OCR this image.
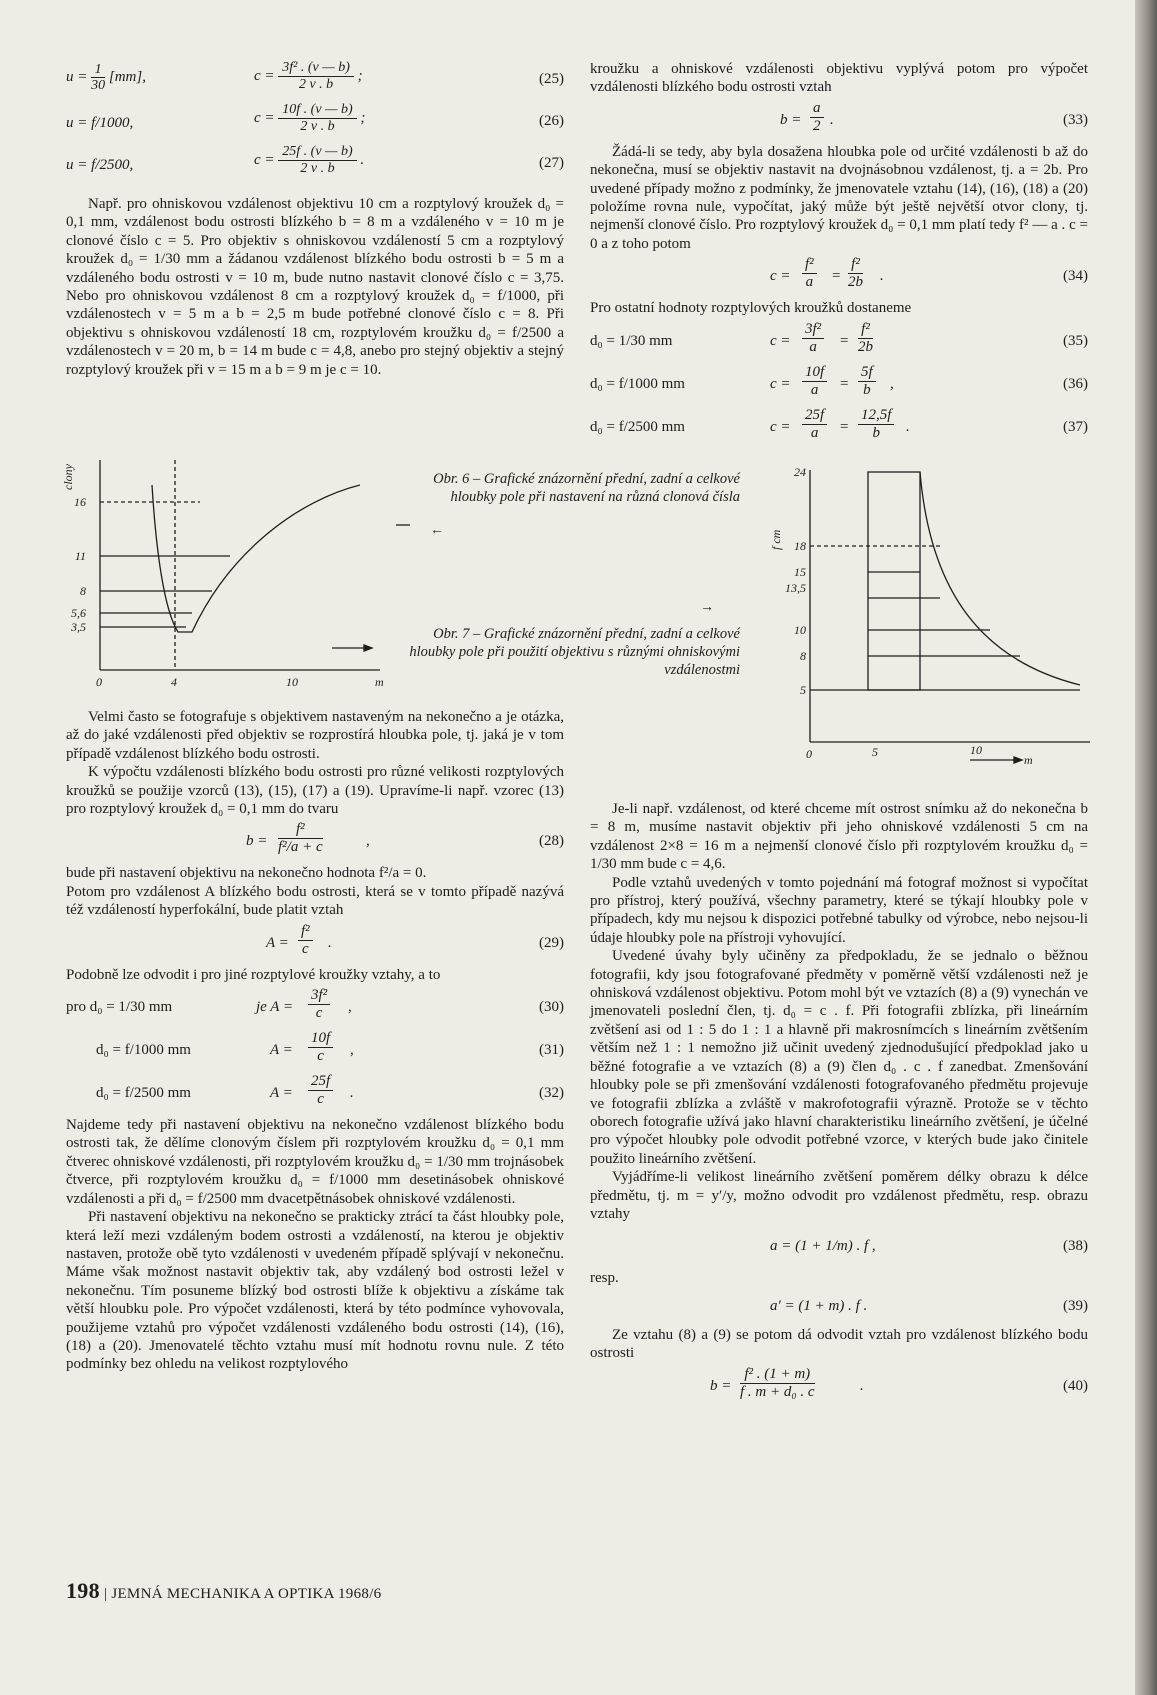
$u = \frac{1}{30} [mm]$,	$c = \frac{\text{3f² . (v — b)}}{2 v . b}$ ;	(25)
u = f/1000,	$c = \frac{10f . (v — b)}{2 v . b}$ ;	(26)
u = f/2500,	$c = \frac{25f . (v — b)}{2 v . b}$ .	(27)

Např. pro ohniskovou vzdálenost objektivu 10 cm a rozptylový kroužek d₀ = 0,1 mm, vzdálenost bodu ostrosti blízkého b = 8 m a vzdáleného v = 10 m je clonové číslo c = 5. Pro objektiv s ohniskovou vzdáleností 5 cm a rozptylový kroužek d₀ = 1/30 mm a žádanou vzdálenost blízkého bodu ostrosti b = 5 m a vzdáleného bodu ostrosti v = 10 m, bude nutno nastavit clonové číslo c = 3,75. Nebo pro ohniskovou vzdálenost 8 cm a rozptylový kroužek d₀ = f/1000, při vzdálenostech v = 5 m a b = 2,5 m bude potřebné clonové číslo c = 8. Při objektivu s ohniskovou vzdáleností 18 cm, rozptylovém kroužku d₀ = f/2500 a vzdálenostech v = 20 m, b = 14 m bude c = 4,8, anebo pro stejný objektiv a stejný rozptylový kroužek při v = 15 m a b = 9 m je c = 10.

16
11
8
5,6
3,5
0	4	10	m
clony	Obr. 6 – Grafické znázornění přední, zadní a celkové hloubky pole při nastavení na různá clonová čísla
←
Obr. 7 – Grafické znázornění přední, zadní a celkové hloubky pole při použití objektivu s různými ohniskovými vzdálenostmi
→
24
18
15
13,5
10
8
5
0	5	10
m
f cm

Velmi často se fotografuje s objektivem nastaveným na nekonečno a je otázka, až do jaké vzdálenosti před objektiv se rozprostírá hloubka pole, tj. jaká je v tom případě vzdálenost blízkého bodu ostrosti.

K výpočtu vzdálenosti blízkého bodu ostrosti pro různé velikosti rozptylových kroužků se použije vzorců (13), (15), (17) a (19). Upravíme-li např. vzorec (13) pro rozptylový kroužek d₀ = 0,1 mm do tvaru

$b = \frac{\text{f²}}{\text{f²/a + c}}$	,	(28)

bude při nastavení objektivu na nekonečno hodnota f²/a = 0.

Potom pro vzdálenost A blízkého bodu ostrosti, která se v tomto případě nazývá též vzdáleností hyperfokální, bude platit vztah

$A = \frac{\text{f²}}{c}$ .	(29)

Podobně lze odvodit i pro jiné rozptylové kroužky vztahy, a to

pro d₀ = 1/30 mm	je $A = \frac{\text{3f²}}{c}$ ,	(30)
d₀ = f/1000 mm	$A = \frac{10f}{c}$ ,	(31)
d₀ = f/2500 mm	$A = \frac{25f}{c}$ .	(32)

Najdeme tedy při nastavení objektivu na nekonečno vzdálenost blízkého bodu ostrosti tak, že dělíme clonovým číslem při rozptylovém kroužku d₀ = 0,1 mm čtverec ohniskové vzdálenosti, při rozptylovém kroužku d₀ = 1/30 mm trojnásobek čtverce, při rozptylovém kroužku d₀ = f/1000 mm desetinásobek ohniskové vzdálenosti a při d₀ = f/2500 mm dvacetpětnásobek ohniskové vzdálenosti.

Při nastavení objektivu na nekonečno se prakticky ztrácí ta část hloubky pole, která leží mezi vzdáleným bodem ostrosti a vzdáleností, na kterou je objektiv nastaven, protože obě tyto vzdálenosti v uvedeném případě splývají v nekonečnu. Máme však možnost nastavit objektiv tak, aby vzdálený bod ostrosti ležel v nekonečnu. Tím posuneme blízký bod ostrosti blíže k objektivu a získáme tak větší hloubku pole. Pro výpočet vzdálenosti, která by této podmínce vyhovovala, použijeme vztahů pro výpočet vzdálenosti vzdáleného bodu ostrosti (14), (16), (18) a (20). Jmenovatelé těchto vztahu musí mít hodnotu rovnu nule. Z této podmínky bez ohledu na velikost rozptylového

kroužku a ohniskové vzdálenosti objektivu vyplývá potom pro výpočet vzdálenosti blízkého bodu ostrosti vztah

$b = \frac{a}{2}$ .	(33)

Žádá-li se tedy, aby byla dosažena hloubka pole od určité vzdálenosti b až do nekonečna, musí se objektiv nastavit na dvojnásobnou vzdálenost, tj. a = 2b. Pro uvedené případy možno z podmínky, že jmenovatele vztahu (14), (16), (18) a (20) položíme rovna nule, vypočítat, jaký může být ještě největší otvor clony, tj. nejmenší clonové číslo. Pro rozptylový kroužek d₀ = 0,1 mm platí tedy f² — a . c = 0 a z toho potom

$c = \frac{\text{f²}}{a} = \frac{\text{f²}}{2b}$ .	(34)

Pro ostatní hodnoty rozptylových kroužků dostaneme

d₀ = 1/30 mm	$c = \frac{\text{3f²}}{a} = \frac{\text{f²}}{2b}$	(35)
d₀ = f/1000 mm	$c = \frac{10f}{a} = \frac{5f}{b}$ ,	(36)
d₀ = f/2500 mm	$c = \frac{25f}{a} = \frac{12,5f}{b}$ .	(37)

Je-li např. vzdálenost, od které chceme mít ostrost snímku až do nekonečna b = 8 m, musíme nastavit objektiv při jeho ohniskové vzdálenosti 5 cm na vzdálenost 2×8 = 16 m a nejmenší clonové číslo při rozptylovém kroužku d₀ = 1/30 mm bude c = 4,6.

Podle vztahů uvedených v tomto pojednání má fotograf možnost si vypočítat pro přístroj, který používá, všechny parametry, které se týkají hloubky pole v případech, kdy mu nejsou k dispozici potřebné tabulky od výrobce, nebo nejsou-li údaje hloubky pole na přístroji vyhovující.

Uvedené úvahy byly učiněny za předpokladu, že se jednalo o běžnou fotografii, kdy jsou fotografované předměty v poměrně větší vzdálenosti než je ohnisková vzdálenost objektivu. Potom mohl být ve vztazích (8) a (9) vynechán ve jmenovateli poslední člen, tj. d₀ = c . f. Při fotografii zblízka, při lineárním zvětšení asi od 1 : 5 do 1 : 1 a hlavně při makrosnímcích s lineárním zvětšením větším než 1 : 1 nemožno již učinit uvedený zjednodušující předpoklad jako u běžné fotografie a ve vztazích (8) a (9) člen d₀ . c . f zanedbat. Zmenšování hloubky pole se při zmenšování vzdálenosti fotografovaného předmětu projevuje ve fotografii zblízka a zvláště v makrofotografii výrazně. Protože se v těchto oborech fotografie užívá jako hlavní charakteristiku lineárního zvětšení, je účelné pro výpočet hloubky pole odvodit potřebné vzorce, v kterých bude jako činitele použito lineárního zvětšení.

Vyjádříme-li velikost lineárního zvětšení poměrem délky obrazu k délce předmětu, tj. m = y′/y, možno odvodit pro vzdálenost předmětu, resp. obrazu vztahy

a = (1 + 1/m) . f ,	(38)

resp.

a′ = (1 + m) . f .	(39)

Ze vztahu (8) a (9) se potom dá odvodit vztah pro vzdálenost blízkého bodu ostrosti

$b = \frac{\text{f² . (1 + m)}}{\text{f . m + d₀ . c}}$	.	(40)
198 | JEMNÁ MECHANIKA A OPTIKA 1968/6
